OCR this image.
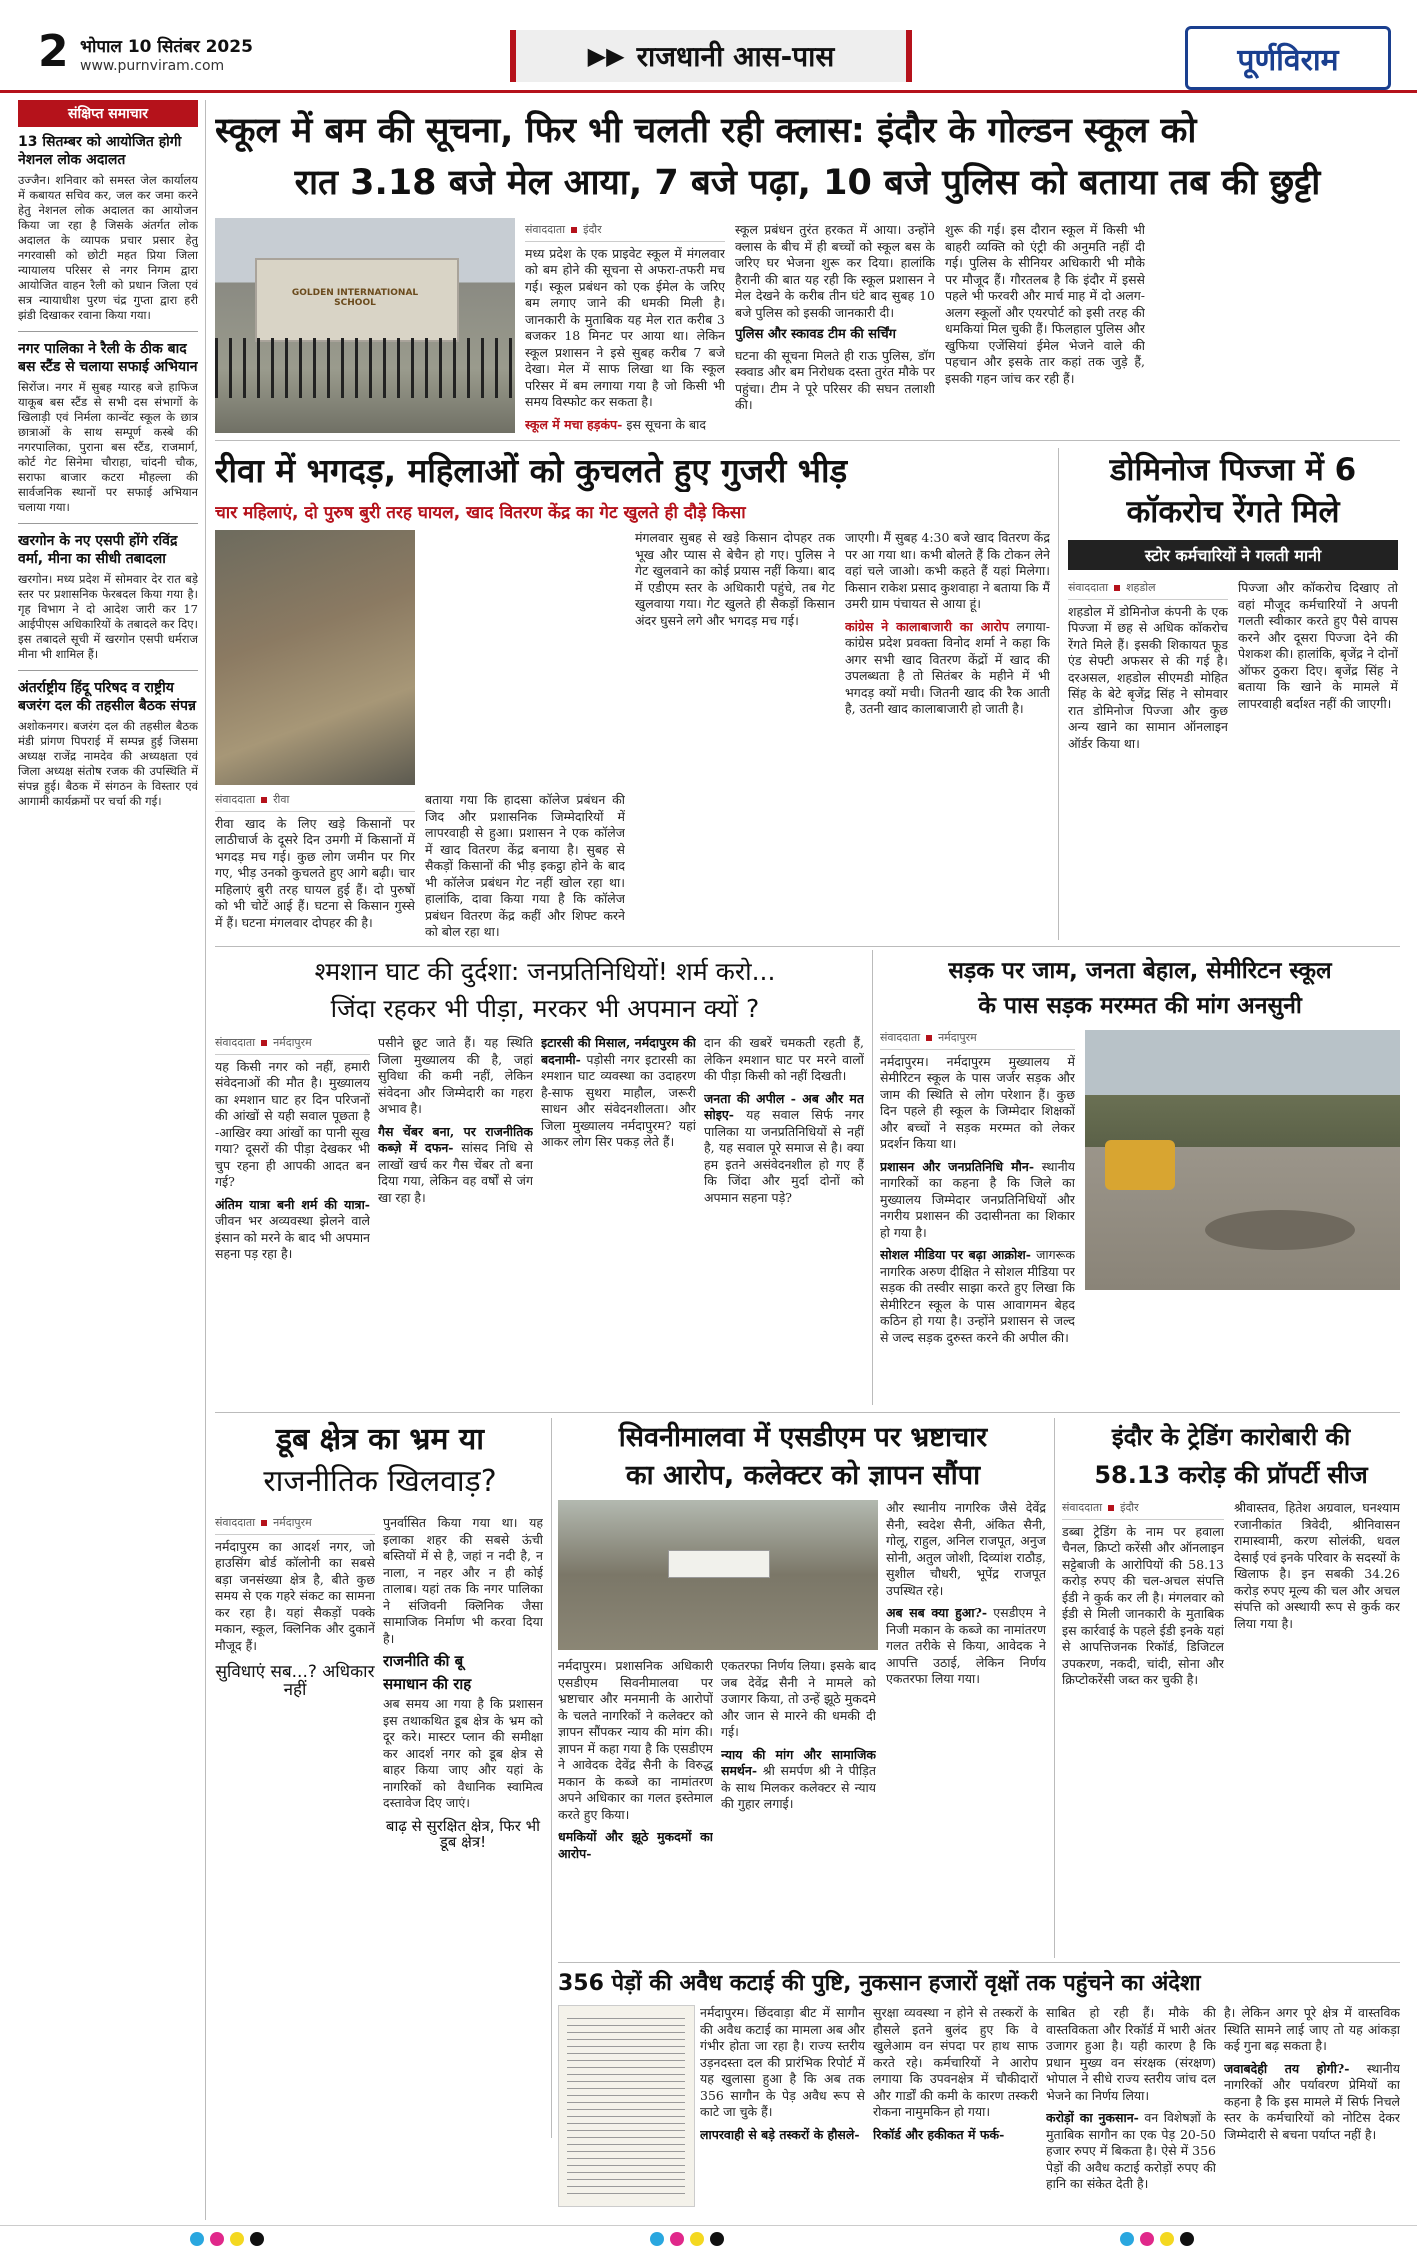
2 भोपाल 10 सितंबर 2025
www.purnviram.com	▶▶ राजधानी आस-पास	पूर्णविराम
संक्षिप्त समाचार
13 सितम्बर को आयोजित होगी नेशनल लोक अदालत
उज्जैन। शनिवार को समस्त जेल कार्यालय में कबायत सचिव कर, जल कर जमा करने हेतु नेशनल लोक अदालत का आयोजन किया जा रहा है जिसके अंतर्गत लोक अदालत के व्यापक प्रचार प्रसार हेतु नगरवासी को छोटी महत प्रिया जिला न्यायालय परिसर से नगर निगम द्वारा आयोजित वाहन रैली को प्रधान जिला एवं सत्र न्यायाधीश पुरण चंद्र गुप्ता द्वारा हरी झंडी दिखाकर रवाना किया गया।
नगर पालिका ने रैली के ठीक बाद बस स्टैंड से चलाया सफाई अभियान
सिरोंज। नगर में सुबह ग्यारह बजे हाफिज याकूब बस स्टैंड से सभी दस संभागों के खिलाड़ी एवं निर्मला कान्वेंट स्कूल के छात्र छात्राओं के साथ सम्पूर्ण कस्बे की नगरपालिका, पुराना बस स्टैंड, राजमार्ग, कोर्ट गेट सिनेमा चौराहा, चांदनी चौक, सराफा बाजार कटरा मौहल्ला की सार्वजनिक स्थानों पर सफाई अभियान चलाया गया।
खरगोन के नए एसपी होंगे रविंद्र वर्मा, मीना का सीधी तबादला
खरगोन। मध्य प्रदेश में सोमवार देर रात बड़े स्तर पर प्रशासनिक फेरबदल किया गया है। गृह विभाग ने दो आदेश जारी कर 17 आईपीएस अधिकारियों के तबादले कर दिए। इस तबादले सूची में खरगोन एसपी धर्मराज मीना भी शामिल हैं।
अंतर्राष्ट्रीय हिंदू परिषद व राष्ट्रीय बजरंग दल की तहसील बैठक संपन्न
अशोकनगर। बजरंग दल की तहसील बैठक मंडी प्रांगण पिपराई में सम्पन्न हुई जिसमा अध्यक्ष राजेंद्र नामदेव की अध्यक्षता एवं जिला अध्यक्ष संतोष रजक की उपस्थिति में संपन्न हुई। बैठक में संगठन के विस्तार एवं आगामी कार्यक्रमों पर चर्चा की गई।
स्कूल में बम की सूचना, फिर भी चलती रही क्लास: इंदौर के गोल्डन स्कूल को
रात 3.18 बजे मेल आया, 7 बजे पढ़ा, 10 बजे पुलिस को बताया तब की छुट्टी
GOLDEN INTERNATIONAL SCHOOL
संवाददाता इंदौर

मध्य प्रदेश के एक प्राइवेट स्कूल में मंगलवार को बम होने की सूचना से अफरा-तफरी मच गई। स्कूल प्रबंधन को एक ईमेल के जरिए बम लगाए जाने की धमकी मिली है। जानकारी के मुताबिक यह मेल रात करीब 3 बजकर 18 मिनट पर आया था। लेकिन स्कूल प्रशासन ने इसे सुबह करीब 7 बजे देखा। मेल में साफ लिखा था कि स्कूल परिसर में बम लगाया गया है जो किसी भी समय विस्फोट कर सकता है।

स्कूल में मचा हड़कंप- इस सूचना के बाद

स्कूल प्रबंधन तुरंत हरकत में आया। उन्होंने क्लास के बीच में ही बच्चों को स्कूल बस के जरिए घर भेजना शुरू कर दिया। हालांकि हैरानी की बात यह रही कि स्कूल प्रशासन ने मेल देखने के करीब तीन घंटे बाद सुबह 10 बजे पुलिस को इसकी जानकारी दी।

पुलिस और स्कावड टीम की सर्चिंग

घटना की सूचना मिलते ही राऊ पुलिस, डॉग स्क्वाड और बम निरोधक दस्ता तुरंत मौके पर पहुंचा। टीम ने पूरे परिसर की सघन तलाशी की।

शुरू की गई। इस दौरान स्कूल में किसी भी बाहरी व्यक्ति को एंट्री की अनुमति नहीं दी गई। पुलिस के सीनियर अधिकारी भी मौके पर मौजूद हैं। गौरतलब है कि इंदौर में इससे पहले भी फरवरी और मार्च माह में दो अलग-अलग स्कूलों और एयरपोर्ट को इसी तरह की धमकियां मिल चुकी हैं। फिलहाल पुलिस और खुफिया एजेंसियां ईमेल भेजने वाले की पहचान और इसके तार कहां तक जुड़े हैं, इसकी गहन जांच कर रही हैं।

रीवा में भगदड़, महिलाओं को कुचलते हुए गुजरी भीड़
चार महिलाएं, दो पुरुष बुरी तरह घायल, खाद वितरण केंद्र का गेट खुलते ही दौड़े किसा
संवाददाता रीवा

रीवा खाद के लिए खड़े किसानों पर लाठीचार्ज के दूसरे दिन उमगी में किसानों में भगदड़ मच गई। कुछ लोग जमीन पर गिर गए, भीड़ उनको कुचलते हुए आगे बढ़ी। चार महिलाएं बुरी तरह घायल हुई हैं। दो पुरुषों को भी चोटें आई हैं। घटना से किसान गुस्से में हैं। घटना मंगलवार दोपहर की है।

बताया गया कि हादसा कॉलेज प्रबंधन की जिद और प्रशासनिक जिम्मेदारियों में लापरवाही से हुआ। प्रशासन ने एक कॉलेज में खाद वितरण केंद्र बनाया है। सुबह से सैकड़ों किसानों की भीड़ इकट्ठा होने के बाद भी कॉलेज प्रबंधन गेट नहीं खोल रहा था। हालांकि, दावा किया गया है कि कॉलेज प्रबंधन वितरण केंद्र कहीं और शिफ्ट करने को बोल रहा था।

मंगलवार सुबह से खड़े किसान दोपहर तक भूख और प्यास से बेचैन हो गए। पुलिस ने गेट खुलवाने का कोई प्रयास नहीं किया। बाद में एडीएम स्तर के अधिकारी पहुंचे, तब गेट खुलवाया गया। गेट खुलते ही सैकड़ों किसान अंदर घुसने लगे और भगदड़ मच गई।

जाएगी। मैं सुबह 4:30 बजे खाद वितरण केंद्र पर आ गया था। कभी बोलते हैं कि टोकन लेने वहां चले जाओ। कभी कहते हैं यहां मिलेगा। किसान राकेश प्रसाद कुशवाहा ने बताया कि मैं उमरी ग्राम पंचायत से आया हूं।

कांग्रेस ने कालाबाजारी का आरोप लगाया- कांग्रेस प्रदेश प्रवक्ता विनोद शर्मा ने कहा कि अगर सभी खाद वितरण केंद्रों में खाद की उपलब्धता है तो सितंबर के महीने में भी भगदड़ क्यों मची। जितनी खाद की रैक आती है, उतनी खाद कालाबाजारी हो जाती है।

डोमिनोज पिज्जा में 6
कॉकरोच रेंगते मिले
स्टोर कर्मचारियों ने गलती मानी
संवाददाता शहडोल

शहडोल में डोमिनोज कंपनी के एक पिज्जा में छह से अधिक कॉकरोच रेंगते मिले हैं। इसकी शिकायत फूड एंड सेफ्टी अफसर से की गई है। दरअसल, शहडोल सीएमडी मोहित सिंह के बेटे बृजेंद्र सिंह ने सोमवार रात डोमिनोज पिज्जा और कुछ अन्य खाने का सामान ऑनलाइन ऑर्डर किया था।

पिज्जा और कॉकरोच दिखाए तो वहां मौजूद कर्मचारियों ने अपनी गलती स्वीकार करते हुए पैसे वापस करने और दूसरा पिज्जा देने की पेशकश की। हालांकि, बृजेंद्र ने दोनों ऑफर ठुकरा दिए। बृजेंद्र सिंह ने बताया कि खाने के मामले में लापरवाही बर्दाश्त नहीं की जाएगी।

श्मशान घाट की दुर्दशा: जनप्रतिनिधियों! शर्म करो...
जिंदा रहकर भी पीड़ा, मरकर भी अपमान क्यों ?
संवाददाता नर्मदापुरम

यह किसी नगर को नहीं, हमारी संवेदनाओं की मौत है। मुख्यालय का श्मशान घाट हर दिन परिजनों की आंखों से यही सवाल पूछता है -आखिर क्या आंखों का पानी सूख गया? दूसरों की पीड़ा देखकर भी चुप रहना ही आपकी आदत बन गई?

अंतिम यात्रा बनी शर्म की यात्रा- जीवन भर अव्यवस्था झेलने वाले इंसान को मरने के बाद भी अपमान सहना पड़ रहा है।

पसीने छूट जाते हैं। यह स्थिति जिला मुख्यालय की है, जहां सुविधा की कमी नहीं, लेकिन संवेदना और जिम्मेदारी का गहरा अभाव है।

गैस चेंबर बना, पर राजनीतिक कब्ज़े में दफन- सांसद निधि से लाखों खर्च कर गैस चेंबर तो बना दिया गया, लेकिन वह वर्षों से जंग खा रहा है।

इटारसी की मिसाल, नर्मदापुरम की बदनामी- पड़ोसी नगर इटारसी का श्मशान घाट व्यवस्था का उदाहरण है-साफ सुथरा माहौल, जरूरी साधन और संवेदनशीलता। और जिला मुख्यालय नर्मदापुरम? यहां आकर लोग सिर पकड़ लेते हैं।

दान की खबरें चमकती रहती हैं, लेकिन श्मशान घाट पर मरने वालों की पीड़ा किसी को नहीं दिखती।

जनता की अपील - अब और मत सोइए- यह सवाल सिर्फ नगर पालिका या जनप्रतिनिधियों से नहीं है, यह सवाल पूरे समाज से है। क्या हम इतने असंवेदनशील हो गए हैं कि जिंदा और मुर्दा दोनों को अपमान सहना पड़े?

सड़क पर जाम, जनता बेहाल, सेमीरिटन स्कूल
के पास सड़क मरम्मत की मांग अनसुनी
संवाददाता नर्मदापुरम

नर्मदापुरम। नर्मदापुरम मुख्यालय में सेमीरिटन स्कूल के पास जर्जर सड़क और जाम की स्थिति से लोग परेशान हैं। कुछ दिन पहले ही स्कूल के जिम्मेदार शिक्षकों और बच्चों ने सड़क मरम्मत को लेकर प्रदर्शन किया था।

प्रशासन और जनप्रतिनिधि मौन- स्थानीय नागरिकों का कहना है कि जिले का मुख्यालय जिम्मेदार जनप्रतिनिधियों और नगरीय प्रशासन की उदासीनता का शिकार हो गया है।

सोशल मीडिया पर बढ़ा आक्रोश- जागरूक नागरिक अरुण दीक्षित ने सोशल मीडिया पर सड़क की तस्वीर साझा करते हुए लिखा कि सेमीरिटन स्कूल के पास आवागमन बेहद कठिन हो गया है। उन्होंने प्रशासन से जल्द से जल्द सड़क दुरुस्त करने की अपील की।

डूब क्षेत्र का भ्रम या
राजनीतिक खिलवाड़?
संवाददाता नर्मदापुरम

नर्मदापुरम का आदर्श नगर, जो हाउसिंग बोर्ड कॉलोनी का सबसे बड़ा जनसंख्या क्षेत्र है, बीते कुछ समय से एक गहरे संकट का सामना कर रहा है। यहां सैकड़ों पक्के मकान, स्कूल, क्लिनिक और दुकानें मौजूद हैं।

सुविधाएं सब...? अधिकार नहीं

पुनर्वासित किया गया था। यह इलाका शहर की सबसे ऊंची बस्तियों में से है, जहां न नदी है, न नाला, न नहर और न ही कोई तालाब। यहां तक कि नगर पालिका ने संजिवनी क्लिनिक जैसा सामाजिक निर्माण भी करवा दिया है।

राजनीति की बू
समाधान की राह

अब समय आ गया है कि प्रशासन इस तथाकथित डूब क्षेत्र के भ्रम को दूर करे। मास्टर प्लान की समीक्षा कर आदर्श नगर को डूब क्षेत्र से बाहर किया जाए और यहां के नागरिकों को वैधानिक स्वामित्व दस्तावेज दिए जाएं।

बाढ़ से सुरक्षित क्षेत्र, फिर भी डूब क्षेत्र!
सिवनीमालवा में एसडीएम पर भ्रष्टाचार
का आरोप, कलेक्टर को ज्ञापन सौंपा

नर्मदापुरम। प्रशासनिक अधिकारी एसडीएम सिवनीमालवा पर भ्रष्टाचार और मनमानी के आरोपों के चलते नागरिकों ने कलेक्टर को ज्ञापन सौंपकर न्याय की मांग की। ज्ञापन में कहा गया है कि एसडीएम ने आवेदक देवेंद्र सैनी के विरुद्ध मकान के कब्जे का नामांतरण अपने अधिकार का गलत इस्तेमाल करते हुए किया।

धमकियों और झूठे मुकदमों का आरोप-

एकतरफा निर्णय लिया। इसके बाद जब देवेंद्र सैनी ने मामले को उजागर किया, तो उन्हें झूठे मुकदमे और जान से मारने की धमकी दी गई।

न्याय की मांग और सामाजिक समर्थन- श्री समर्पण श्री ने पीड़ित के साथ मिलकर कलेक्टर से न्याय की गुहार लगाई।

और स्थानीय नागरिक जैसे देवेंद्र सैनी, स्वदेश सैनी, अंकित सैनी, गोलू, राहुल, अनिल राजपूत, अनुज सोनी, अतुल जोशी, दिव्यांश राठौड़, सुशील चौधरी, भूपेंद्र राजपूत उपस्थित रहे।

अब सब क्या हुआ?- एसडीएम ने निजी मकान के कब्जे का नामांतरण गलत तरीके से किया, आवेदक ने आपत्ति उठाई, लेकिन निर्णय एकतरफा लिया गया।

इंदौर के ट्रेडिंग कारोबारी की
58.13 करोड़ की प्रॉपर्टी सीज
संवाददाता इंदौर

डब्बा ट्रेडिंग के नाम पर हवाला चैनल, क्रिप्टो करेंसी और ऑनलाइन सट्टेबाजी के आरोपियों की 58.13 करोड़ रुपए की चल-अचल संपत्ति ईडी ने कुर्क कर ली है। मंगलवार को ईडी से मिली जानकारी के मुताबिक इस कार्रवाई के पहले ईडी इनके यहां से आपत्तिजनक रिकॉर्ड, डिजिटल उपकरण, नकदी, चांदी, सोना और क्रिप्टोकरेंसी जब्त कर चुकी है।

श्रीवास्तव, हितेश अग्रवाल, घनश्याम रजानीकांत त्रिवेदी, श्रीनिवासन रामास्वामी, करण सोलंकी, धवल देसाई एवं इनके परिवार के सदस्यों के खिलाफ है। इन सबकी 34.26 करोड़ रुपए मूल्य की चल और अचल संपत्ति को अस्थायी रूप से कुर्क कर लिया गया है।

356 पेड़ों की अवैध कटाई की पुष्टि, नुकसान हजारों वृक्षों तक पहुंचने का अंदेशा

नर्मदापुरम। छिंदवाड़ा बीट में सागौन की अवैध कटाई का मामला अब और गंभीर होता जा रहा है। राज्य स्तरीय उड़नदस्ता दल की प्रारंभिक रिपोर्ट में यह खुलासा हुआ है कि अब तक 356 सागौन के पेड़ अवैध रूप से काटे जा चुके हैं।

लापरवाही से बड़े तस्करों के हौसले-

सुरक्षा व्यवस्था न होने से तस्करों के हौसले इतने बुलंद हुए कि वे खुलेआम वन संपदा पर हाथ साफ करते रहे। कर्मचारियों ने आरोप लगाया कि उपवनक्षेत्र में चौकीदारों और गार्डों की कमी के कारण तस्करी रोकना नामुमकिन हो गया।

रिकॉर्ड और हकीकत में फर्क-

साबित हो रही हैं। मौके की वास्तविकता और रिकॉर्ड में भारी अंतर उजागर हुआ है। यही कारण है कि प्रधान मुख्य वन संरक्षक (संरक्षण) भोपाल ने सीधे राज्य स्तरीय जांच दल भेजने का निर्णय लिया।

करोड़ों का नुकसान- वन विशेषज्ञों के मुताबिक सागौन का एक पेड़ 20-50 हजार रुपए में बिकता है। ऐसे में 356 पेड़ों की अवैध कटाई करोड़ों रुपए की हानि का संकेत देती है।

है। लेकिन अगर पूरे क्षेत्र में वास्तविक स्थिति सामने लाई जाए तो यह आंकड़ा कई गुना बढ़ सकता है।

जवाबदेही तय होगी?- स्थानीय नागरिकों और पर्यावरण प्रेमियों का कहना है कि इस मामले में सिर्फ निचले स्तर के कर्मचारियों को नोटिस देकर जिम्मेदारी से बचना पर्याप्त नहीं है।
